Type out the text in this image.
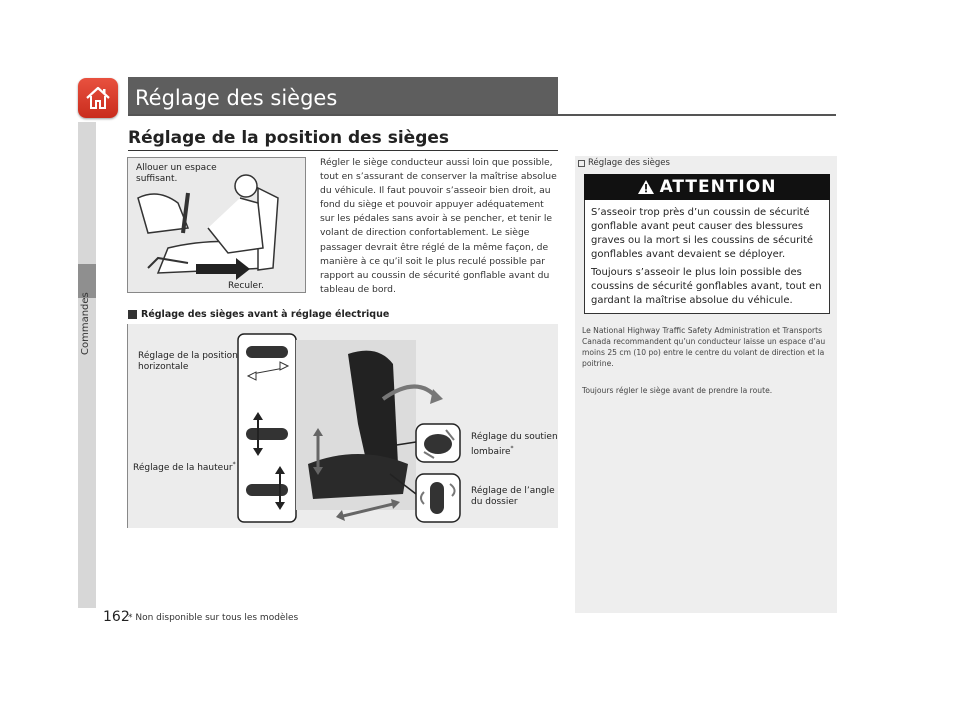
Réglage des sièges
Commandes
Réglage de la position des sièges
Allouer un espace suffisant.
Reculer.
Régler le siège conducteur aussi loin que possible, tout en s’assurant de conserver la maîtrise absolue du véhicule. Il faut pouvoir s’asseoir bien droit, au fond du siège et pouvoir appuyer adéquatement sur les pédales sans avoir à se pencher, et tenir le volant de direction confortablement. Le siège passager devrait être réglé de la même façon, de manière à ce qu’il soit le plus reculé possible par rapport au coussin de sécurité gonflable avant du tableau de bord.
Réglage des sièges avant à réglage électrique
Réglage de la position horizontale
Réglage de la hauteur*
Réglage du soutien lombaire*
Réglage de l’angle du dossier
Réglage des sièges
ATTENTION
S’asseoir trop près d’un coussin de sécurité gonflable avant peut causer des blessures graves ou la mort si les coussins de sécurité gonflables avant devaient se déployer.
Toujours s’asseoir le plus loin possible des coussins de sécurité gonflables avant, tout en gardant la maîtrise absolue du véhicule.
Le National Highway Traffic Safety Administration et Transports Canada recommandent qu’un conducteur laisse un espace d’au moins 25 cm (10 po) entre le centre du volant de direction et la poitrine.
Toujours régler le siège avant de prendre la route.
162
* Non disponible sur tous les modèles
